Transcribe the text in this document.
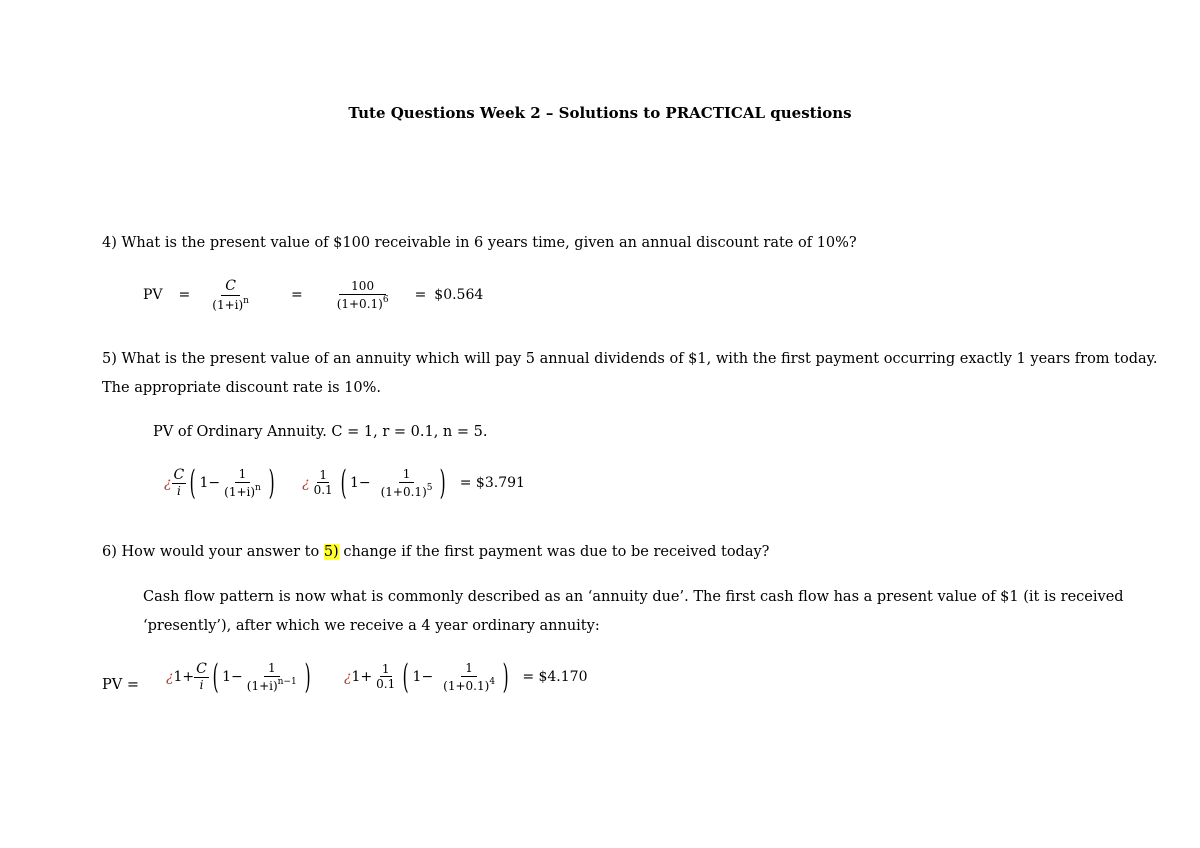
Tute Questions Week 2 – Solutions to PRACTICAL questions
4) What is the present value of $100 receivable in 6 years time, given an annual discount rate of 10%?
PV = $\frac{C}{(1+i)^n}$	=	$\frac{100}{(1+0.1)^6}$ = $0.564
5) What is the present value of an annuity which will pay 5 annual dividends of $1, with the first payment occurring exactly 1 years from today.
The appropriate discount rate is 10%.
PV of Ordinary Annuity. C = 1, r = 0.1, n = 5.
¿ $\frac{C}{i}$ ( $1- \frac{1}{(1+i)^n}$ ) ¿ $\frac{1}{0.1}$ ( $1- \frac{1}{(1+0.1)^5}$ ) = $3.791
6) How would your answer to 5) change if the first payment was due to be received today?
Cash flow pattern is now what is commonly described as an ‘annuity due’. The first cash flow has a present value of $1 (it is received
‘presently’), after which we receive a 4 year ordinary annuity:
PV = ¿ $1+ \frac{C}{i}$ ( $1- \frac{1}{(1+i)^{n-1}}$ ) ¿ $1+ \frac{1}{0.1}$ ( $1- \frac{1}{(1+0.1)^4}$ ) = $4.170
